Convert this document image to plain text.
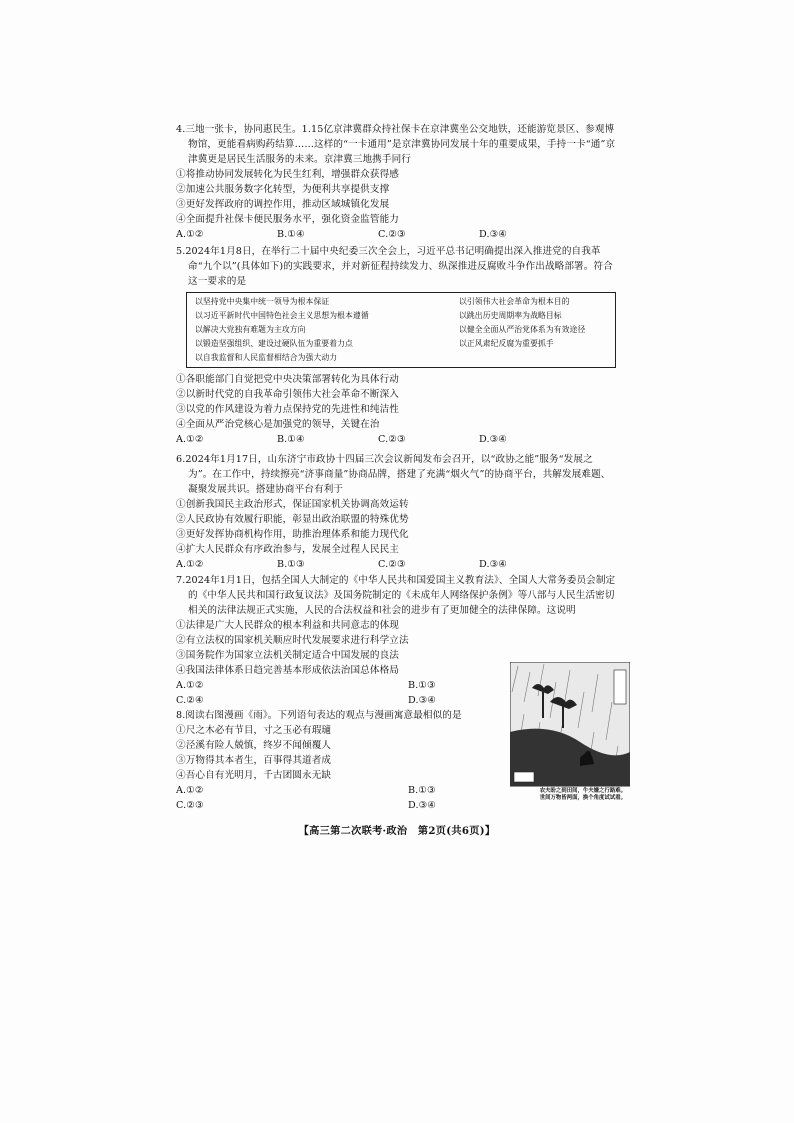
4.三地一张卡，协同惠民生。1.15亿京津冀群众持社保卡在京津冀坐公交地铁，还能游览景区、参观博物馆，更能看病购药结算……这样的“一卡通用”是京津冀协同发展十年的重要成果，手持一卡“通”京津冀更是居民生活服务的未来。京津冀三地携手同行

①将推动协同发展转化为民生红利，增强群众获得感

②加速公共服务数字化转型，为便利共享提供支撑

③更好发挥政府的调控作用，推动区域城镇化发展

④全面提升社保卡便民服务水平，强化资金监管能力

A.①②	B.①④	C.②③	D.③④

5.2024年1月8日，在举行二十届中央纪委三次全会上，习近平总书记明确提出深入推进党的自我革命“九个以”(具体如下)的实践要求，并对新征程持续发力、纵深推进反腐败斗争作出战略部署。符合这一要求的是

以坚持党中央集中统一领导为根本保证	以引领伟大社会革命为根本目的
以习近平新时代中国特色社会主义思想为根本遵循	以跳出历史周期率为战略目标
以解决大党独有难题为主攻方向	以健全全面从严治党体系为有效途径
以锻造坚强组织、建设过硬队伍为重要着力点	以正风肃纪反腐为重要抓手
以自我监督和人民监督相结合为强大动力

①各职能部门自觉把党中央决策部署转化为具体行动

②以新时代党的自我革命引领伟大社会革命不断深入

③以党的作风建设为着力点保持党的先进性和纯洁性

④全面从严治党核心是加强党的领导，关键在治

A.①②	B.①④	C.②③	D.③④

6.2024年1月17日，山东济宁市政协十四届三次会议新闻发布会召开，以“政协之能”服务“发展之为”。在工作中，持续擦亮“济事商量”协商品牌，搭建了充满“烟火气”的协商平台，共解发展难题、凝聚发展共识。搭建协商平台有利于

①创新我国民主政治形式，保证国家机关协调高效运转

②人民政协有效履行职能，彰显出政治联盟的特殊优势

③更好发挥协商机构作用，助推治理体系和能力现代化

④扩大人民群众有序政治参与，发展全过程人民民主

A.①②	B.①③	C.②③	D.③④

7.2024年1月1日，包括全国人大制定的《中华人民共和国爱国主义教育法》、全国人大常务委员会制定的《中华人民共和国行政复议法》及国务院制定的《未成年人网络保护条例》等八部与人民生活密切相关的法律法规正式实施，人民的合法权益和社会的进步有了更加健全的法律保障。这说明

①法律是广大人民群众的根本利益和共同意志的体现

②有立法权的国家机关顺应时代发展要求进行科学立法

③国务院作为国家立法机关制定适合中国发展的良法

④我国法律体系日趋完善基本形成依法治国总体格局

A.①②	B.①③
C.②④	D.③④

8.阅读右图漫画《雨》。下列语句表达的观点与漫画寓意最相似的是

①尺之木必有节目，寸之玉必有瑕瓋

②泾溪有险人兢慎，终岁不闻倾覆人

③万物得其本者生，百事得其道者成

④吾心自有光明月，千古团圆永无缺

A.①②	B.①③
C.②③	D.③④

农夫盼之到田间，牛夫嫌之行路难。
世间万物皆两面，换个角度试试看。
【高三第二次联考·政治　第2页(共6页)】
